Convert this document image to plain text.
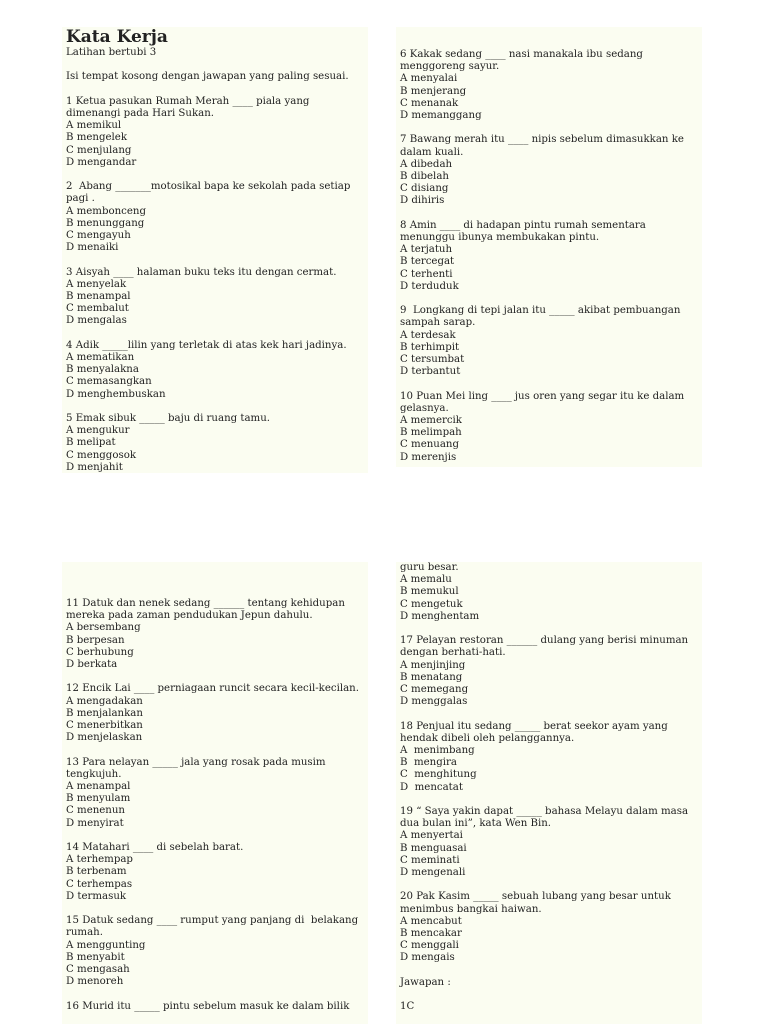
Kata Kerja
Latihan bertubi 3
Isi tempat kosong dengan jawapan yang paling sesuai.
1 Ketua pasukan Rumah Merah ____ piala yang
dimenangi pada Hari Sukan.
A memikul
B mengelek
C menjulang
D mengandar
2  Abang _______motosikal bapa ke sekolah pada setiap
pagi .
A membonceng
B menunggang
C mengayuh
D menaiki
3 Aisyah ____ halaman buku teks itu dengan cermat.
A menyelak
B menampal
C membalut
D mengalas
4 Adik _____lilin yang terletak di atas kek hari jadinya.
A mematikan
B menyalakna
C memasangkan
D menghembuskan
5 Emak sibuk _____ baju di ruang tamu.
A mengukur
B melipat
C menggosok
D menjahit
6 Kakak sedang ____ nasi manakala ibu sedang
menggoreng sayur.
A menyalai
B menjerang
C menanak
D memanggang
7 Bawang merah itu ____ nipis sebelum dimasukkan ke
dalam kuali.
A dibedah
B dibelah
C disiang
D dihiris
8 Amin ____ di hadapan pintu rumah sementara
menunggu ibunya membukakan pintu.
A terjatuh
B tercegat
C terhenti
D terduduk
9  Longkang di tepi jalan itu _____ akibat pembuangan
sampah sarap.
A terdesak
B terhimpit
C tersumbat
D terbantut
10 Puan Mei ling ____ jus oren yang segar itu ke dalam
gelasnya.
A memercik
B melimpah
C menuang
D merenjis
11 Datuk dan nenek sedang ______ tentang kehidupan
mereka pada zaman pendudukan Jepun dahulu.
A bersembang
B berpesan
C berhubung
D berkata
12 Encik Lai ____ perniagaan runcit secara kecil-kecilan.
A mengadakan
B menjalankan
C menerbitkan
D menjelaskan
13 Para nelayan _____ jala yang rosak pada musim
tengkujuh.
A menampal
B menyulam
C menenun
D menyirat
14 Matahari ____ di sebelah barat.
A terhempap
B terbenam
C terhempas
D termasuk
15 Datuk sedang ____ rumput yang panjang di  belakang
rumah.
A menggunting
B menyabit
C mengasah
D menoreh
16 Murid itu _____ pintu sebelum masuk ke dalam bilik
guru besar.
A memalu
B memukul
C mengetuk
D menghentam
17 Pelayan restoran ______ dulang yang berisi minuman
dengan berhati-hati.
A menjinjing
B menatang
C memegang
D menggalas
18 Penjual itu sedang _____ berat seekor ayam yang
hendak dibeli oleh pelanggannya.
A  menimbang
B  mengira
C  menghitung
D  mencatat
19 “ Saya yakin dapat _____ bahasa Melayu dalam masa
dua bulan ini”, kata Wen Bin.
A menyertai
B menguasai
C meminati
D mengenali
20 Pak Kasim _____ sebuah lubang yang besar untuk
menimbus bangkai haiwan.
A mencabut
B mencakar
C menggali
D mengais
Jawapan :
1C
